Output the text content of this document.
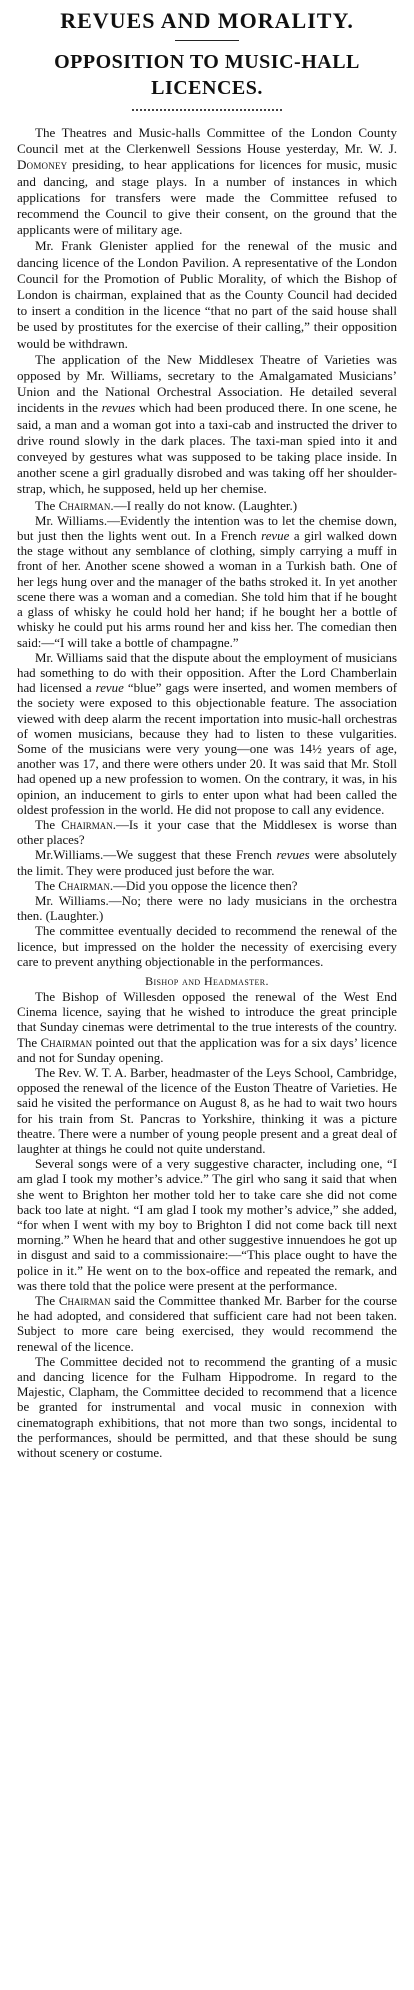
REVUES AND MORALITY.
OPPOSITION TO MUSIC-HALL
LICENCES.

The Theatres and Music-halls Committee of the London County Council met at the Clerkenwell Sessions House yesterday, Mr. W. J. Domoney presiding, to hear applications for licences for music, music and dancing, and stage plays. In a number of instances in which applications for transfers were made the Committee refused to recommend the Council to give their consent, on the ground that the applicants were of military age.

Mr. Frank Glenister applied for the renewal of the music and dancing licence of the London Pavilion. A representative of the London Council for the Promotion of Public Morality, of which the Bishop of London is chairman, explained that as the County Council had decided to insert a condition in the licence “that no part of the said house shall be used by prostitutes for the exercise of their calling,” their opposition would be withdrawn.

The application of the New Middlesex Theatre of Varieties was opposed by Mr. Williams, secretary to the Amalgamated Musicians’ Union and the National Orchestral Association. He detailed several incidents in the revues which had been produced there. In one scene, he said, a man and a woman got into a taxi-cab and instructed the driver to drive round slowly in the dark places. The taxi-man spied into it and conveyed by gestures what was supposed to be taking place inside. In another scene a girl gradually disrobed and was taking off her shoulder-strap, which, he supposed, held up her chemise.

The Chairman.—I really do not know. (Laughter.)

Mr. Williams.—Evidently the intention was to let the chemise down, but just then the lights went out. In a French revue a girl walked down the stage without any semblance of clothing, simply carrying a muff in front of her. Another scene showed a woman in a Turkish bath. One of her legs hung over and the manager of the baths stroked it. In yet another scene there was a woman and a comedian. She told him that if he bought a glass of whisky he could hold her hand; if he bought her a bottle of whisky he could put his arms round her and kiss her. The comedian then said:—“I will take a bottle of champagne.”

Mr. Williams said that the dispute about the employment of musicians had something to do with their opposition. After the Lord Chamberlain had licensed a revue “blue” gags were inserted, and women members of the society were exposed to this objectionable feature. The association viewed with deep alarm the recent importation into music-hall orchestras of women musicians, because they had to listen to these vulgarities. Some of the musicians were very young—one was 14½ years of age, another was 17, and there were others under 20. It was said that Mr. Stoll had opened up a new profession to women. On the contrary, it was, in his opinion, an inducement to girls to enter upon what had been called the oldest profession in the world. He did not propose to call any evidence.

The Chairman.—Is it your case that the Middlesex is worse than other places?

Mr.Williams.—We suggest that these French revues were absolutely the limit. They were produced just before the war.

The Chairman.—Did you oppose the licence then?

Mr. Williams.—No; there were no lady musicians in the orchestra then. (Laughter.)

The committee eventually decided to recommend the renewal of the licence, but impressed on the holder the necessity of exercising every care to prevent anything objectionable in the performances.

Bishop and Headmaster.

The Bishop of Willesden opposed the renewal of the West End Cinema licence, saying that he wished to introduce the great principle that Sunday cinemas were detrimental to the true interests of the country. The Chairman pointed out that the application was for a six days’ licence and not for Sunday opening.

The Rev. W. T. A. Barber, headmaster of the Leys School, Cambridge, opposed the renewal of the licence of the Euston Theatre of Varieties. He said he visited the performance on August 8, as he had to wait two hours for his train from St. Pancras to Yorkshire, thinking it was a picture theatre. There were a number of young people present and a great deal of laughter at things he could not quite understand.

Several songs were of a very suggestive character, including one, “I am glad I took my mother’s advice.” The girl who sang it said that when she went to Brighton her mother told her to take care she did not come back too late at night. “I am glad I took my mother’s advice,” she added, “for when I went with my boy to Brighton I did not come back till next morning.” When he heard that and other suggestive innuendoes he got up in disgust and said to a commissionaire:—“This place ought to have the police in it.” He went on to the box-office and repeated the remark, and was there told that the police were present at the performance.

The Chairman said the Committee thanked Mr. Barber for the course he had adopted, and considered that sufficient care had not been taken. Subject to more care being exercised, they would recommend the renewal of the licence.

The Committee decided not to recommend the granting of a music and dancing licence for the Fulham Hippodrome. In regard to the Majestic, Clapham, the Committee decided to recommend that a licence be granted for instrumental and vocal music in connexion with cinematograph exhibitions, that not more than two songs, incidental to the performances, should be permitted, and that these should be sung without scenery or costume.
